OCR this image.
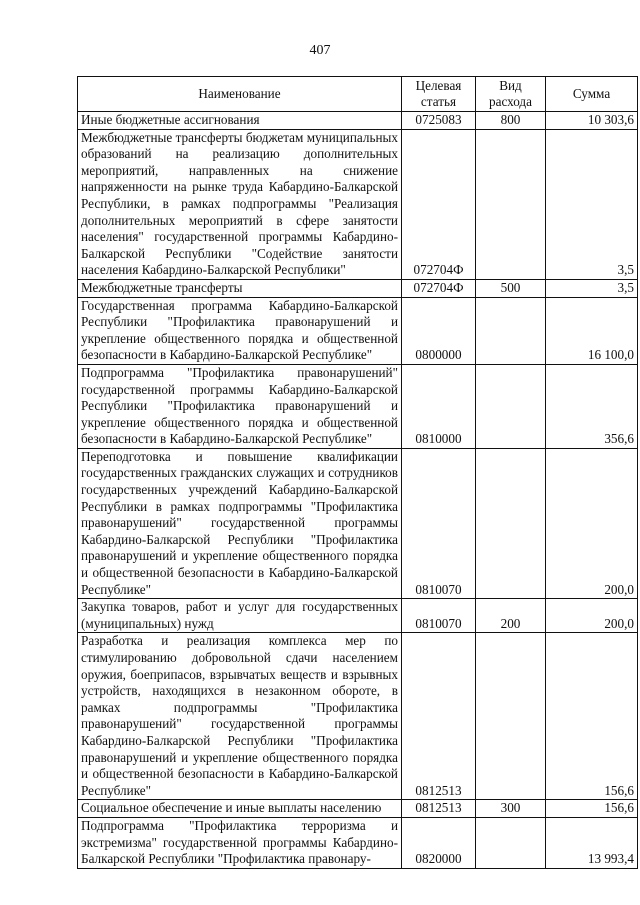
407
Наименование	Целевая статья	Вид расхода	Сумма
Иные бюджетные ассигнования	0725083	800	10 303,6
Межбюджетные трансферты бюджетам муниципальных образований на реализацию дополнительных мероприятий, направленных на снижение напряженности на рынке труда Кабардино-Балкарской Республики, в рамках подпрограммы "Реализация дополнительных мероприятий в сфере занятости населения" государственной программы Кабардино-Балкарской Республики "Содействие занятости населения Кабардино-Балкарской Республики"	072704Ф		3,5
Межбюджетные трансферты	072704Ф	500	3,5
Государственная программа Кабардино-Балкарской Республики "Профилактика правонарушений и укрепление общественного порядка и общественной безопасности в Кабардино-Балкарской Республике"	0800000		16 100,0
Подпрограмма "Профилактика правонарушений" государственной программы Кабардино-Балкарской Республики "Профилактика правонарушений и укрепление общественного порядка и общественной безопасности в Кабардино-Балкарской Республике"	0810000		356,6
Переподготовка и повышение квалификации государственных гражданских служащих и сотрудников государственных учреждений Кабардино-Балкарской Республики в рамках подпрограммы "Профилактика правонарушений" государственной программы Кабардино-Балкарской Республики "Профилактика правонарушений и укрепление общественного порядка и общественной безопасности в Кабардино-Балкарской Республике"	0810070		200,0
Закупка товаров, работ и услуг для государственных (муниципальных) нужд	0810070	200	200,0
Разработка и реализация комплекса мер по стимулированию добровольной сдачи населением оружия, боеприпасов, взрывчатых веществ и взрывных устройств, находящихся в незаконном обороте, в рамках подпрограммы "Профилактика правонарушений" государственной программы Кабардино-Балкарской Республики "Профилактика правонарушений и укрепление общественного порядка и общественной безопасности в Кабардино-Балкарской Республике"	0812513		156,6
Социальное обеспечение и иные выплаты населению	0812513	300	156,6
Подпрограмма "Профилактика терроризма и экстремизма" государственной программы Кабардино-Балкарской Республики "Профилактика правонару-	0820000		13 993,4
